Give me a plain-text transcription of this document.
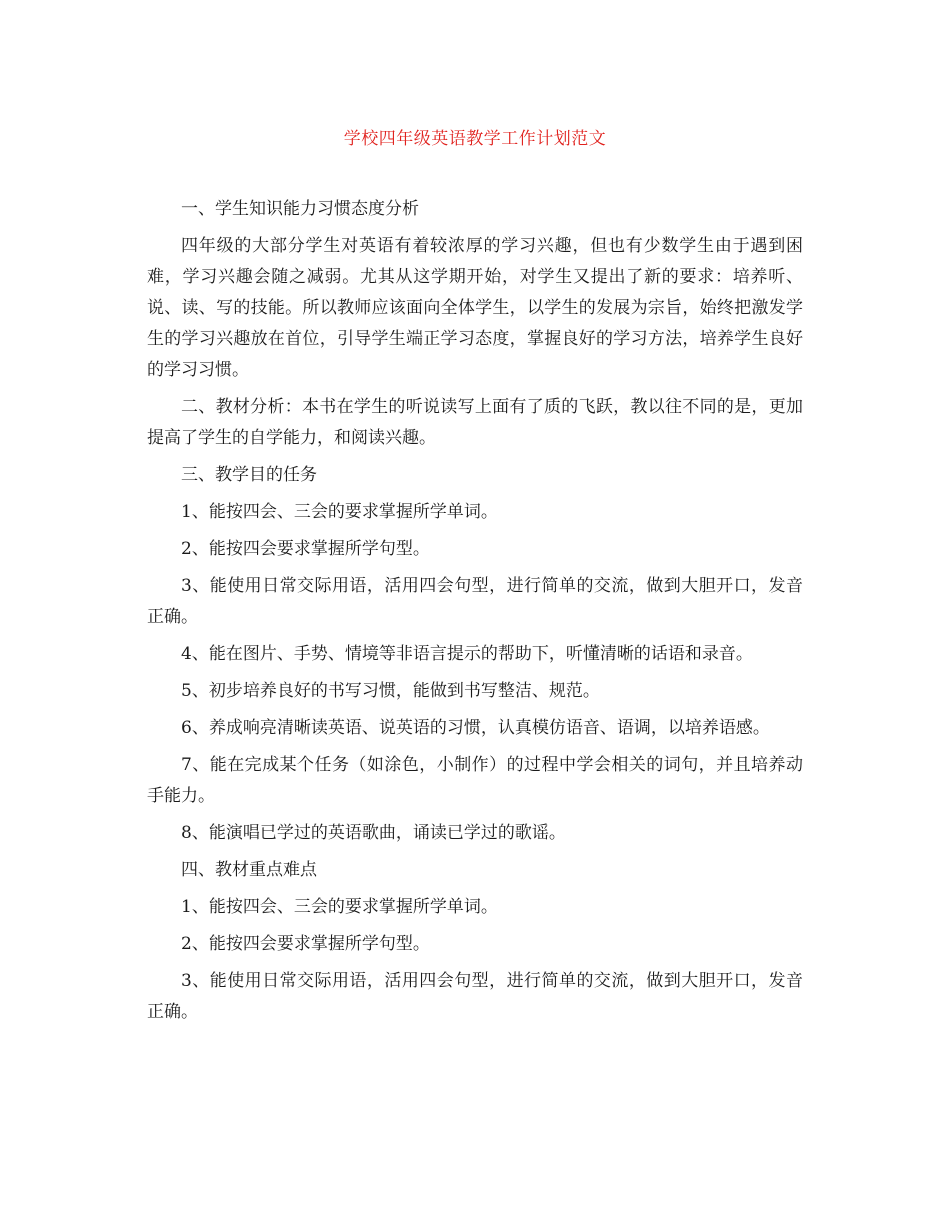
学校四年级英语教学工作计划范文

一、学生知识能力习惯态度分析

四年级的大部分学生对英语有着较浓厚的学习兴趣，但也有少数学生由于遇到困难，学习兴趣会随之减弱。尤其从这学期开始，对学生又提出了新的要求：培养听、说、读、写的技能。所以教师应该面向全体学生，以学生的发展为宗旨，始终把激发学生的学习兴趣放在首位，引导学生端正学习态度，掌握良好的学习方法，培养学生良好的学习习惯。

二、教材分析：本书在学生的听说读写上面有了质的飞跃，教以往不同的是，更加提高了学生的自学能力，和阅读兴趣。

三、教学目的任务

1、能按四会、三会的要求掌握所学单词。

2、能按四会要求掌握所学句型。

3、能使用日常交际用语，活用四会句型，进行简单的交流，做到大胆开口，发音正确。

4、能在图片、手势、情境等非语言提示的帮助下，听懂清晰的话语和录音。

5、初步培养良好的书写习惯，能做到书写整洁、规范。

6、养成响亮清晰读英语、说英语的习惯，认真模仿语音、语调，以培养语感。

7、能在完成某个任务（如涂色，小制作）的过程中学会相关的词句，并且培养动手能力。

8、能演唱已学过的英语歌曲，诵读已学过的歌谣。

四、教材重点难点

1、能按四会、三会的要求掌握所学单词。

2、能按四会要求掌握所学句型。

3、能使用日常交际用语，活用四会句型，进行简单的交流，做到大胆开口，发音正确。
